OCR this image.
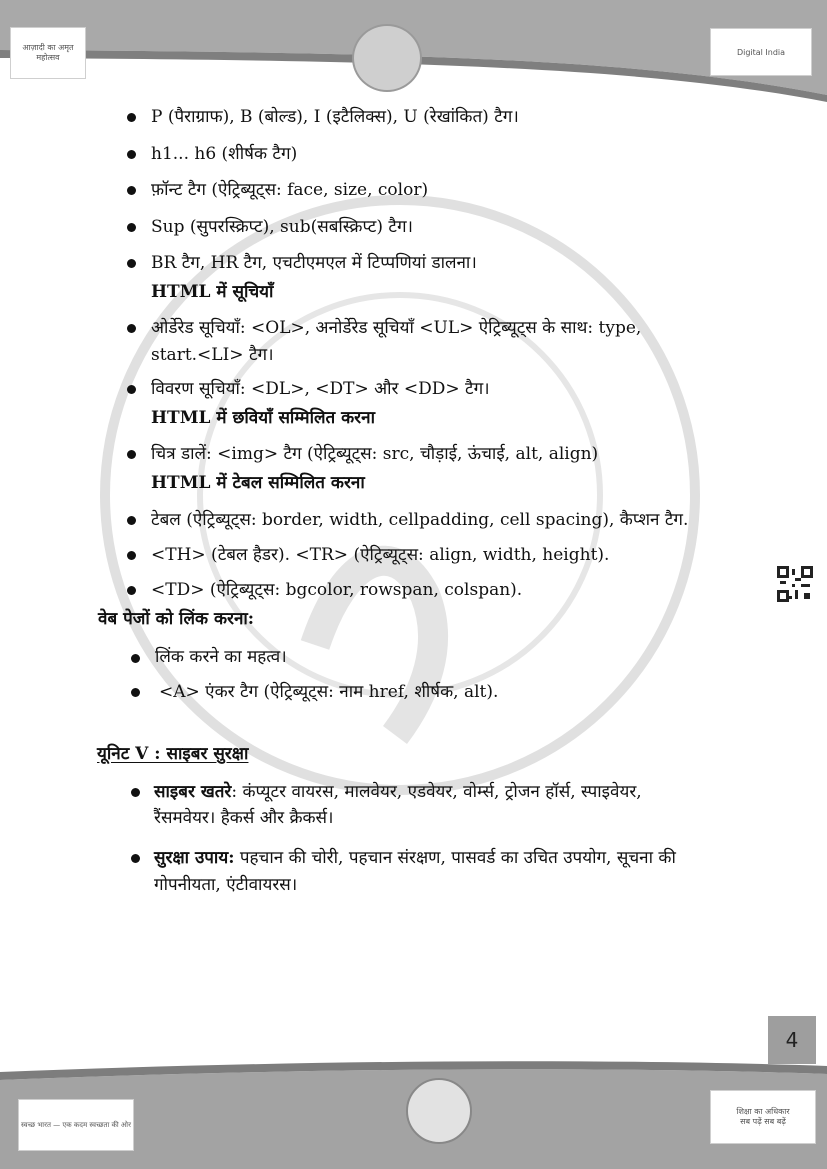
आज़ादी का अमृत महोत्सव
Digital India
P (पैराग्राफ), B (बोल्ड), I (इटैलिक्स), U (रेखांकित) टैग।
h1... h6 (शीर्षक टैग)
फ़ॉन्ट टैग (ऐट्रिब्यूट्स: face, size, color)
Sup (सुपरस्क्रिप्ट), sub(सबस्क्रिप्ट) टैग।
BR टैग, HR टैग, एचटीएमएल में टिप्पणियां डालना।
HTML में सूचियाँ
ओर्डेरेड सूचियाँ: <OL>, अनोर्डेरेड सूचियाँ <UL> ऐट्रिब्यूट्स के साथ: type,
start.<LI> टैग।
विवरण सूचियाँ: <DL>, <DT> और <DD> टैग।
HTML में छवियाँ सम्मिलित करना
चित्र डालें: <img> टैग (ऐट्रिब्यूट्स: src, चौड़ाई, ऊंचाई, alt, align)
HTML में टेबल सम्मिलित करना
टेबल (ऐट्रिब्यूट्स: border, width, cellpadding, cell spacing), कैप्शन टैग.
<TH> (टेबल हैडर). <TR> (ऐट्रिब्यूट्स: align, width, height).
<TD> (ऐट्रिब्यूट्स: bgcolor, rowspan, colspan).
वेब पेजों को लिंक करना:
लिंक करने का महत्व।
<A> एंकर टैग (ऐट्रिब्यूट्स: नाम href, शीर्षक, alt).
यूनिट V : साइबर सुरक्षा
साइबर खतरे: कंप्यूटर वायरस, मालवेयर, एडवेयर, वोर्म्स, ट्रोजन हॉर्स, स्पाइवेयर,
रैंसमवेयर। हैकर्स और क्रैकर्स।
सुरक्षा उपाय: पहचान की चोरी, पहचान संरक्षण, पासवर्ड का उचित उपयोग, सूचना की
गोपनीयता, एंटीवायरस।
4
स्वच्छ भारत — एक कदम स्वच्छता की ओर
शिक्षा का अधिकार
सब पढ़ें सब बढ़ें
